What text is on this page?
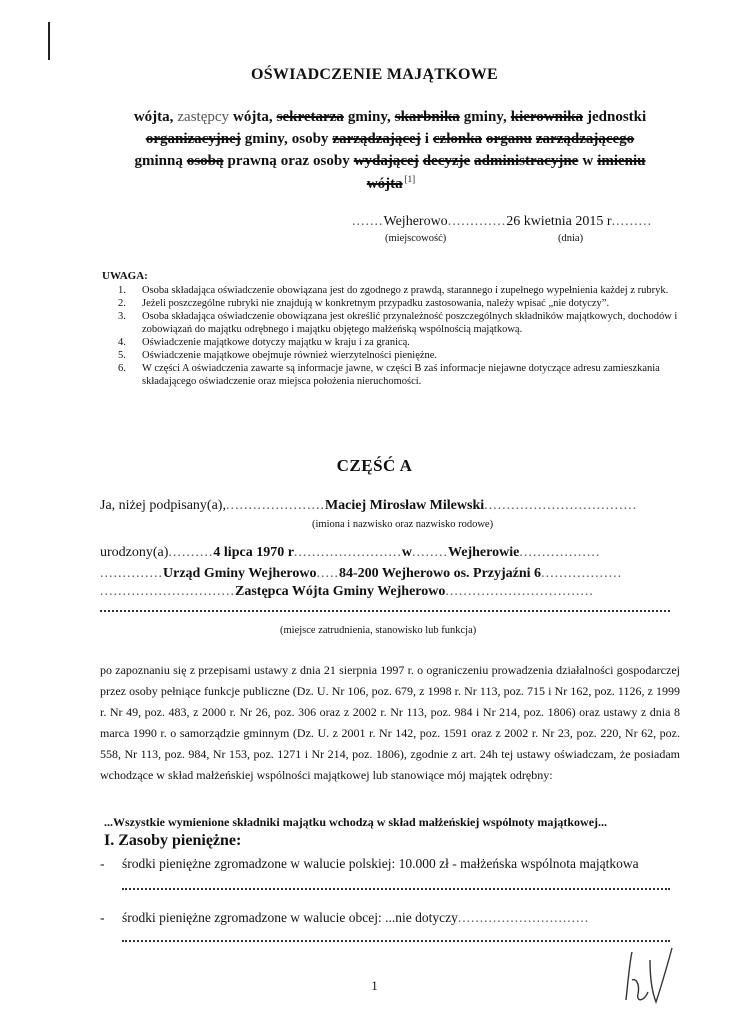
OŚWIADCZENIE MAJĄTKOWE
wójta, zastępcy wójta, sekretarza gminy, skarbnika gminy, kierownika jednostki
organizacyjnej gminy, osoby zarządzającej i członka organu zarządzającego
gminną osobą prawną oraz osoby wydającej decyzje administracyjne w imieniu
wójta [1]
.......Wejherowo.............26 kwietnia 2015 r.........
(miejscowość)	(dnia)
UWAGA:
1. Osoba składająca oświadczenie obowiązana jest do zgodnego z prawdą, starannego i zupełnego wypełnienia każdej z rubryk.
2. Jeżeli poszczególne rubryki nie znajdują w konkretnym przypadku zastosowania, należy wpisać „nie dotyczy”.
3. Osoba składająca oświadczenie obowiązana jest określić przynależność poszczególnych składników majątkowych, dochodów i zobowiązań do majątku odrębnego i majątku objętego małżeńską wspólnością majątkową.
4. Oświadczenie majątkowe dotyczy majątku w kraju i za granicą.
5. Oświadczenie majątkowe obejmuje również wierzytelności pieniężne.
6. W części A oświadczenia zawarte są informacje jawne, w części B zaś informacje niejawne dotyczące adresu zamieszkania składającego oświadczenie oraz miejsca położenia nieruchomości.
CZĘŚĆ A
Ja, niżej podpisany(a),......................Maciej Mirosław Milewski..................................
(imiona i nazwisko oraz nazwisko rodowe)
urodzony(a)..........4 lipca 1970 r........................w........Wejherowie..................
..............Urząd Gminy Wejherowo.....84-200 Wejherowo os. Przyjaźni 6..................
..............................Zastępca Wójta Gminy Wejherowo.................................
(miejsce zatrudnienia, stanowisko lub funkcja)

po zapoznaniu się z przepisami ustawy z dnia 21 sierpnia 1997 r. o ograniczeniu prowadzenia działalności gospodarczej przez osoby pełniące funkcje publiczne (Dz. U. Nr 106, poz. 679, z 1998 r. Nr 113, poz. 715 i Nr 162, poz. 1126, z 1999 r. Nr 49, poz. 483, z 2000 r. Nr 26, poz. 306 oraz z 2002 r. Nr 113, poz. 984 i Nr 214, poz. 1806) oraz ustawy z dnia 8 marca 1990 r. o samorządzie gminnym (Dz. U. z 2001 r. Nr 142, poz. 1591 oraz z 2002 r. Nr 23, poz. 220, Nr 62, poz. 558, Nr 113, poz. 984, Nr 153, poz. 1271 i Nr 214, poz. 1806), zgodnie z art. 24h tej ustawy oświadczam, że posiadam wchodzące w skład małżeńskiej wspólności majątkowej lub stanowiące mój majątek odrębny:

...Wszystkie wymienione składniki majątku wchodzą w skład małżeńskiej wspólnoty majątkowej...
I. Zasoby pieniężne:
- środki pieniężne zgromadzone w walucie polskiej: 10.000 zł - małżeńska wspólnota majątkowa
- środki pieniężne zgromadzone w walucie obcej: ...nie dotyczy..............................
1
